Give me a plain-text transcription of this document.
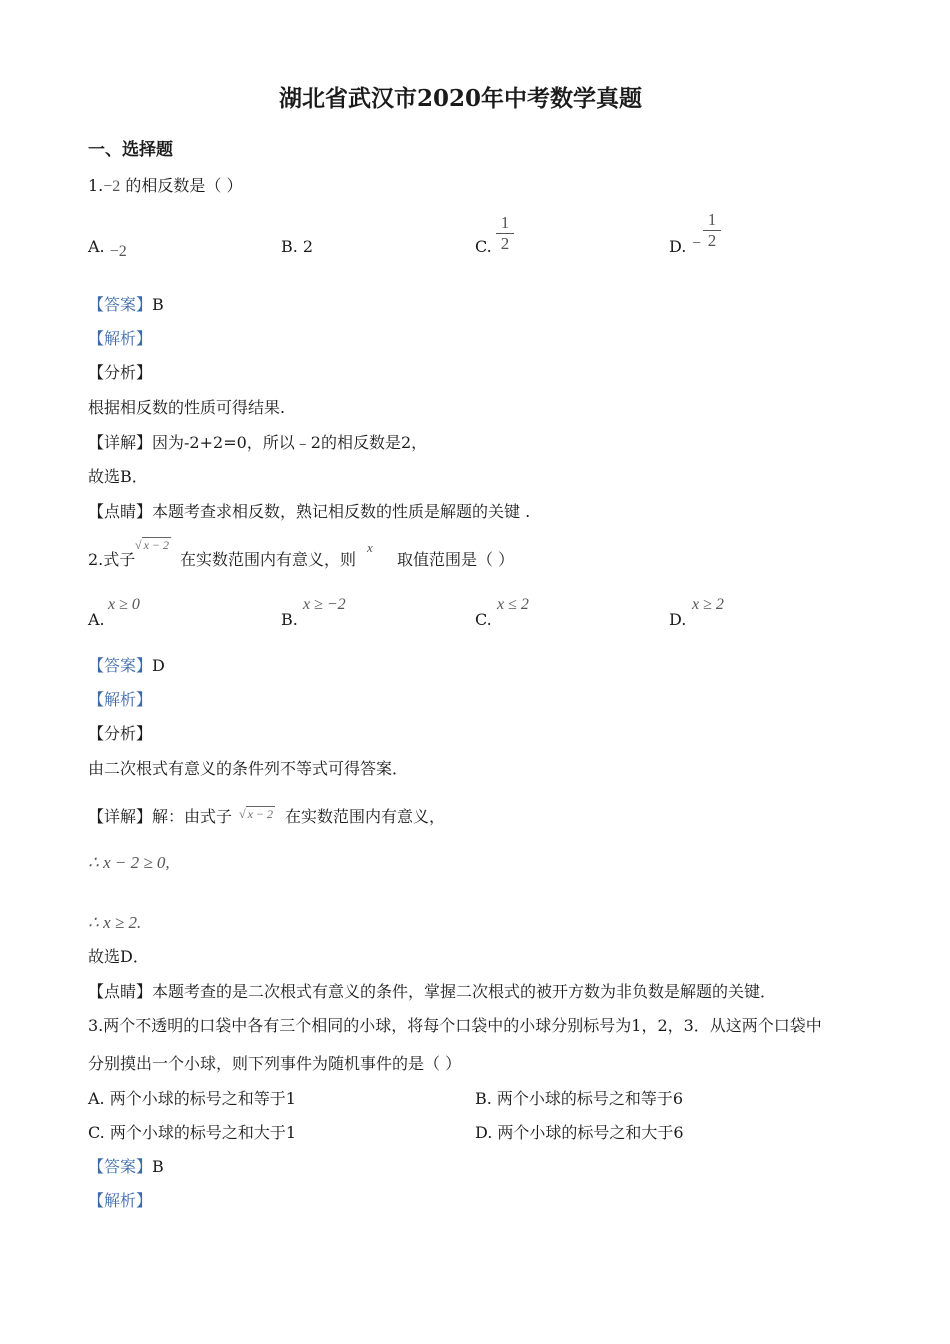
湖北省武汉市2020年中考数学真题
一、选择题
1.−2 的相反数是（ ）
A. −2	B. 2	C.
1
2	D. −
1
2
【答案】B
【解析】
【分析】
根据相反数的性质可得结果.
【详解】因为-2+2=0，所以﹣2的相反数是2，
故选B．
【点睛】本题考查求相反数，熟记相反数的性质是解题的关键 .
2.式子
√ x − 2
在实数范围内有意义，则
x
取值范围是（ ）
A.
x ≥ 0
B.
x ≥ −2
C.
x ≤ 2
D.
x ≥ 2
【答案】D
【解析】
【分析】
由二次根式有意义的条件列不等式可得答案．
【详解】解：由式子 √ x − 2 在实数范围内有意义，
∴ x − 2 ≥ 0,
∴ x ≥ 2.
故选D．
【点睛】本题考查的是二次根式有意义的条件，掌握二次根式的被开方数为非负数是解题的关键．
3.两个不透明的口袋中各有三个相同的小球，将每个口袋中的小球分别标号为1，2，3．从这两个口袋中
分别摸出一个小球，则下列事件为随机事件的是（ ）
A. 两个小球的标号之和等于1	B. 两个小球的标号之和等于6
C. 两个小球的标号之和大于1	D. 两个小球的标号之和大于6
【答案】B
【解析】
